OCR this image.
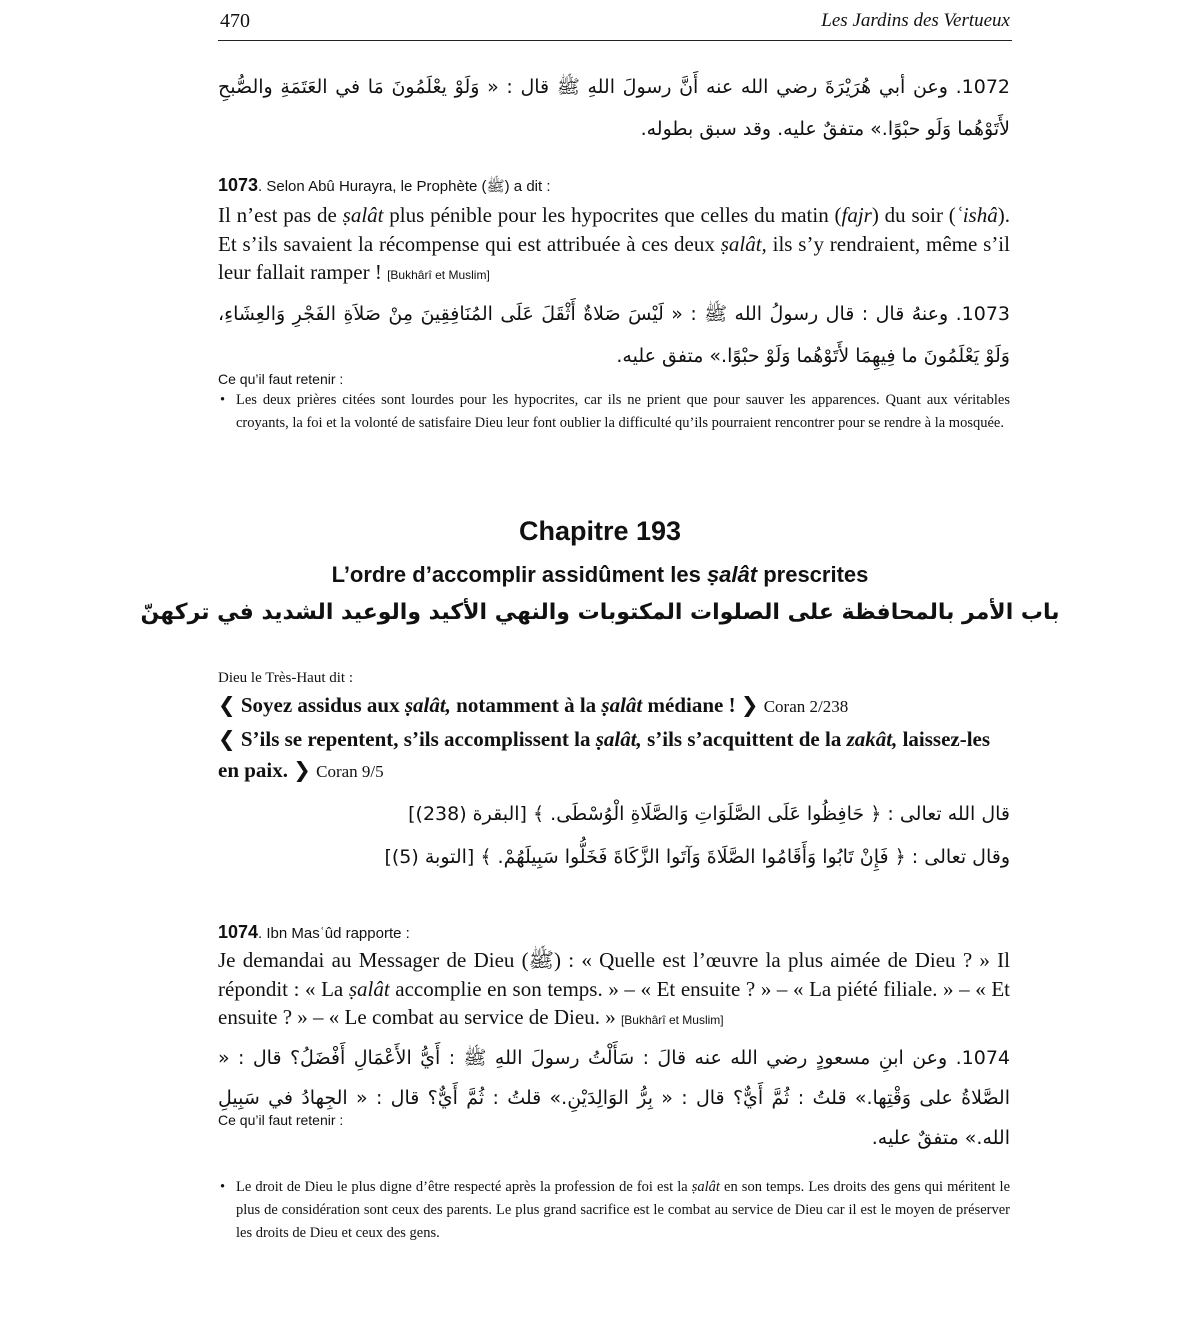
470	Les Jardins des Vertueux
1072. وعن أبي هُرَيْرَةَ رضي الله عنه أَنَّ رسولَ اللهِ ﷺ قال : « وَلَوْ يعْلَمُونَ مَا في العَتَمَةِ والصُّبحِ لأَتَوْهُما وَلَو حبْوًا.» متفقٌ عليه. وقد سبق بطوله.
1073. Selon Abû Hurayra, le Prophète (ﷺ) a dit :
Il n’est pas de ṣalât plus pénible pour les hypocrites que celles du matin (fajr) du soir (ʿishâ). Et s’ils savaient la récompense qui est attribuée à ces deux ṣalât, ils s’y rendraient, même s’il leur fallait ramper ! [Bukhârî et Muslim]
1073. وعنهُ قال : قال رسولُ الله ﷺ : « لَيْسَ صَلاةٌ أَثْقَلَ عَلَى المُنَافِقِينَ مِنْ صَلاَةِ الفَجْرِ وَالعِشَاءِ، وَلَوْ يَعْلَمُونَ ما فِيهِمَا لأَتَوْهُما وَلَوْ حبْوًا.» متفق عليه.
Ce qu’il faut retenir :
• Les deux prières citées sont lourdes pour les hypocrites, car ils ne prient que pour sauver les apparences. Quant aux véritables croyants, la foi et la volonté de satisfaire Dieu leur font oublier la difficulté qu’ils pourraient rencontrer pour se rendre à la mosquée.
Chapitre 193
L’ordre d’accomplir assidûment les ṣalât prescrites
باب الأمر بالمحافظة على الصلوات المكتوبات والنهي الأكيد والوعيد الشديد في تركهنّ
Dieu le Très-Haut dit :
❮ Soyez assidus aux ṣalât, notamment à la ṣalât médiane ! ❯ Coran 2/238
❮ S’ils se repentent, s’ils accomplissent la ṣalât, s’ils s’acquittent de la zakât, laissez-les en paix. ❯ Coran 9/5
قال الله تعالى : ﴿ حَافِظُوا عَلَى الصَّلَوَاتِ وَالصَّلَاةِ الْوُسْطَى. ﴾ [البقرة (238)]
وقال تعالى : ﴿ فَإِنْ تَابُوا وَأَقَامُوا الصَّلَاةَ وَآتَوا الزَّكَاةَ فَخَلُّوا سَبِيلَهُمْ. ﴾ [التوبة (5)]
1074. Ibn Masʿûd rapporte :
Je demandai au Messager de Dieu (ﷺ) : « Quelle est l’œuvre la plus aimée de Dieu ? » Il répondit : « La ṣalât accomplie en son temps. » – « Et ensuite ? » – « La piété filiale. » – « Et ensuite ? » – « Le combat au service de Dieu. » [Bukhârî et Muslim]
1074. وعن ابنِ مسعودٍ رضي الله عنه قالَ : سَأَلْتُ رسولَ اللهِ ﷺ : أَيُّ الأَعْمَالِ أَفْضَلُ؟ قال : « الصَّلاةُ على وَقْتِها.» قلتُ : ثُمَّ أَيٌّ؟ قال : « بِرُّ الوَالِدَيْنِ.» قلتُ : ثُمَّ أَيٌّ؟ قال : « الجِهادُ في سَبِيلِ الله.» متفقٌ عليه.
Ce qu’il faut retenir :
• Le droit de Dieu le plus digne d’être respecté après la profession de foi est la ṣalât en son temps. Les droits des gens qui méritent le plus de considération sont ceux des parents. Le plus grand sacrifice est le combat au service de Dieu car il est le moyen de préserver les droits de Dieu et ceux des gens.
